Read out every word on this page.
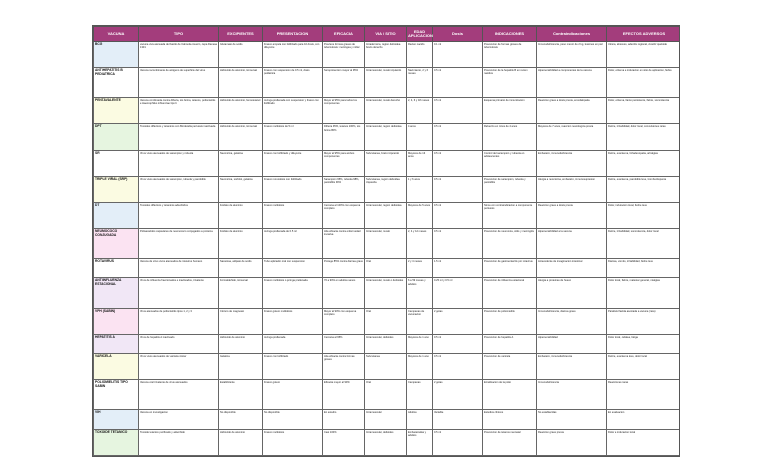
VACUNA	TIPO	EXCIPIENTES	PRESENTACION	EFICACIA	VIA / SITIO	EDAD APLICACION	Dosis	INDICACIONES	Contraindicaciones	EFECTOS ADVERSOS
BCG	vacuna viva atenuada del bacilo de Calmette-Guerin, cepa Danesa 1331	Glutamato de sodio	Frasco ampula con liofilizado para 10 dosis, con diluyente	Previene formas graves de tuberculosis: meningea y miliar	Intradermica, region deltoidea brazo derecho	Recien nacido	0.1 ml	Prevencion de formas graves de tuberculosis	Inmunodeficiencia, peso menor de 2 kg, lesiones en piel	Ulcera, absceso, adenitis regional, cicatriz queloide
ANTIHEPATITIS B PEDIATRICA	Vacuna recombinante de antigeno de superficie del virus	Hidroxido de aluminio, tiomersal	Frasco con suspension de 0.5 ml, dosis pediatrica	Seroproteccion mayor al 95%	Intramuscular, muslo izquierdo	Nacimiento, 2 y 6 meses	0.5 ml	Prevencion de la hepatitis B en recien nacidos	Hipersensibilidad a componentes de la vacuna	Dolor, eritema e induracion en sitio de aplicacion, fiebre
PENTAVALENTE	Vacuna combinada contra difteria, tos ferina, tetanos, poliomielitis e Haemophilus influenzae tipo b	Hidroxido de aluminio, fenoxietanol	Jeringa prellenada con suspension y frasco con liofilizado	Mayor al 95% para todos los componentes	Intramuscular, muslo derecho	2, 4, 6 y 18 meses	0.5 ml	Esquema primario de inmunizacion	Reaccion grave a dosis previa, encefalopatia	Dolor, eritema, llanto persistente, fiebre, somnolencia
DPT	Toxoides diftericos y tetanicos con Bordetella pertussis inactivada	Hidroxido de aluminio, tiomersal	Frasco multidosis de 5 ml	Difteria 95%, tetanos 100%, tos ferina 80%	Intramuscular, region deltoidea	4 anos	0.5 ml	Refuerzo en ninos de 4 anos	Mayores de 7 anos, reaccion neurologica previa	Fiebre, irritabilidad, dolor local, convulsiones raras
SR	Virus vivos atenuados de sarampion y rubeola	Neomicina, gelatina	Frasco con liofilizado y diluyente	Mayor al 95% para ambos componentes	Subcutanea, brazo izquierdo	Mayores de 13 anos	0.5 ml	Control del sarampion y rubeola en adolescentes	Embarazo, inmunodeficiencia	Fiebre, exantema, linfadenopatia, artralgias
TRIPLE VIRAL (SRP)	Virus vivos atenuados de sarampion, rubeola y parotiditis	Neomicina, sorbitol, gelatina	Frasco monodosis con liofilizado	Sarampion 95%, rubeola 98%, parotiditis 90%	Subcutanea, region deltoidea izquierda	1 y 6 anos	0.5 ml	Prevencion de sarampion, rubeola y parotiditis	Alergia a neomicina, embarazo, inmunosupresion	Fiebre, exantema, parotiditis leve, trombocitopenia
DT	Toxoides diftericos y tetanicos adsorbidos	Fosfato de aluminio	Frasco multidosis	Cercana al 100% con esquema completo	Intramuscular, region deltoidea	Mayores de 5 anos	0.5 ml	Ninos con contraindicacion a componente pertussis	Reaccion grave a dosis previa	Dolor, induracion local, fiebre leve
NEUMOCOCO CONJUGADA	Polisacaridos capsulares de neumococo conjugados a proteina	Fosfato de aluminio	Jeringa prellenada de 0.5 ml	Alta eficacia contra enfermedad invasiva	Intramuscular, muslo	2, 4 y 12 meses	0.5 ml	Prevencion de neumonia, otitis y meningitis	Hipersensibilidad a la vacuna	Fiebre, irritabilidad, somnolencia, dolor local
ROTAVIRUS	Vacuna de virus vivos atenuados de rotavirus humano	Sacarosa, adipato de sodio	Tubo aplicador oral con suspension	Protege 85% contra diarrea grave	Oral	2 y 4 meses	1.5 ml	Prevencion de gastroenteritis por rotavirus	Antecedente de invaginacion intestinal	Diarrea, vomito, irritabilidad, fiebre leve
ANTIINFLUENZA ESTACIONAL	Virus de influenza fraccionados e inactivados, trivalente	Formaldehido, tiomersal	Frasco multidosis o jeringa prellenada	70 a 90% en adultos sanos	Intramuscular, muslo o deltoides	6 a 59 meses y adultos	0.25 ml y 0.5 ml	Prevencion de influenza estacional	Alergia a proteinas de huevo	Dolor local, fiebre, malestar general, mialgias
VPH (SABIN)	Virus atenuados de poliomielitis tipos 1, 2 y 3	Cloruro de magnesio	Frasco gotero multidosis	Mayor al 90% con esquema completo	Oral	Campanas de vacunacion	2 gotas	Prevencion de poliomielitis	Inmunodeficiencia, diarrea grave	Paralisis flacida asociada a vacuna (rara)
HEPATITIS A	Virus de hepatitis A inactivado	Hidroxido de aluminio	Jeringa prellenada	Cercana al 95%	Intramuscular, deltoides	Mayores de 1 ano	0.5 ml	Prevencion de hepatitis A	Hipersensibilidad	Dolor local, cefalea, fatiga
VARICELA	Virus vivos atenuados de varicela zoster	Gelatina	Frasco con liofilizado	Alta eficacia contra formas graves	Subcutanea	Mayores de 1 ano	0.5 ml	Prevencion de varicela	Embarazo, inmunodeficiencia	Fiebre, exantema leve, dolor local
POLIOMIELITIS TIPO SABIN	Vacuna oral trivalente de virus atenuados	Estabilizante	Frasco gotero	Eficacia mayor al 90%	Oral	Campanas	2 gotas	Erradicacion de la polio	Inmunodeficiencia	Reacciones raras
VIH	Vacuna en investigacion	No disponible	No disponible	En estudio	Intramuscular	Adultos	Variable	Estudios clinicos	No establecidas	En evaluacion
TOXOIDE TETANICO	Toxoide tetanico purificado y adsorbido	Hidroxido de aluminio	Frasco multidosis	Casi 100%	Intramuscular, deltoides	Embarazadas y adultos	0.5 ml	Prevencion de tetanos neonatal	Reaccion grave previa	Dolor e induracion local
